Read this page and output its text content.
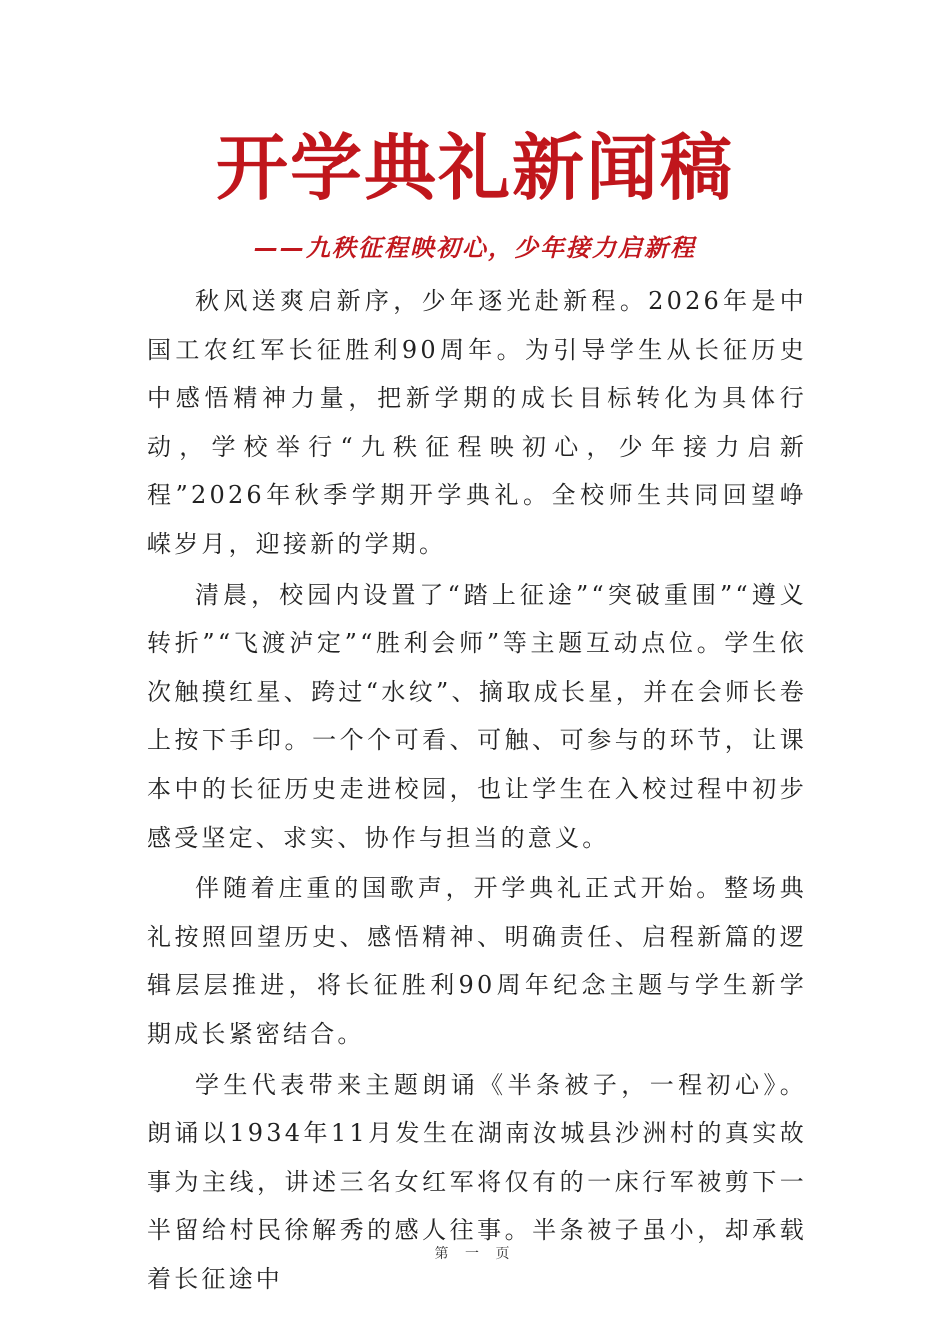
开学典礼新闻稿
——九秩征程映初心，少年接力启新程

秋风送爽启新序，少年逐光赴新程。2026年是中国工农红军长征胜利90周年。为引导学生从长征历史中感悟精神力量，把新学期的成长目标转化为具体行动，学校举行“九秩征程映初心，少年接力启新程”2026年秋季学期开学典礼。全校师生共同回望峥嵘岁月，迎接新的学期。

清晨，校园内设置了“踏上征途”“突破重围”“遵义转折”“飞渡泸定”“胜利会师”等主题互动点位。学生依次触摸红星、跨过“水纹”、摘取成长星，并在会师长卷上按下手印。一个个可看、可触、可参与的环节，让课本中的长征历史走进校园，也让学生在入校过程中初步感受坚定、求实、协作与担当的意义。

伴随着庄重的国歌声，开学典礼正式开始。整场典礼按照回望历史、感悟精神、明确责任、启程新篇的逻辑层层推进，将长征胜利90周年纪念主题与学生新学期成长紧密结合。

学生代表带来主题朗诵《半条被子，一程初心》。朗诵以1934年11月发生在湖南汝城县沙洲村的真实故事为主线，讲述三名女红军将仅有的一床行军被剪下一半留给村民徐解秀的感人往事。半条被子虽小，却承载着长征途中

第 一 页
